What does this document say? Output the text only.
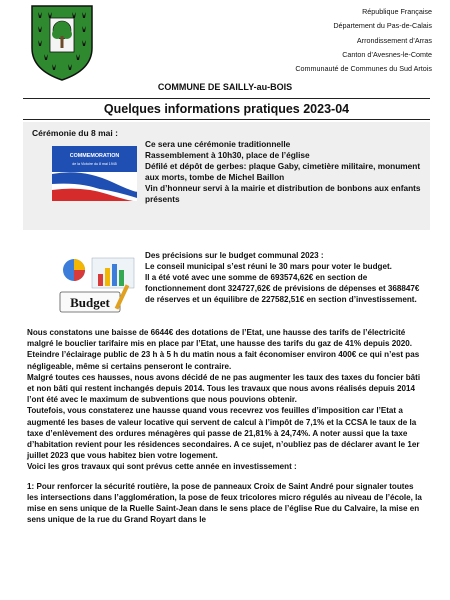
République Française
Département du Pas-de-Calais
Arrondissement d’Arras
Canton d’Avesnes-le-Comte
Communauté de Communes du Sud Artois
COMMUNE DE SAILLY-au-BOIS
Quelques informations pratiques 2023-04
Cérémonie du 8 mai :
COMMEMORATION
de la Victoire du 8 mai 1945

Ce sera une cérémonie traditionnelle

Rassemblement à 10h30, place de l’église

Défilé et dépôt de gerbes: plaque Gaby, cimetière militaire, monument aux morts, tombe de Michel Baillon

Vin d’honneur servi à la mairie et distribution de bonbons aux enfants présents

Budget

Des précisions sur le budget communal 2023 :

Le conseil municipal s’est réuni le 30 mars pour voter le budget.

Il a été voté avec une somme de 693574,62€ en section de fonctionnement dont 324727,62€ de prévisions de dépenses et 368847€ de réserves et un équilibre de 227582,51€ en section d’investissement.

Nous constatons une baisse de 6644€ des dotations de l’Etat, une hausse des tarifs de l’électricité malgré le bouclier tarifaire mis en place par l’Etat, une hausse des tarifs du gaz de 41% depuis 2020. Eteindre l’éclairage public de 23 h à 5 h du matin nous a fait économiser environ 400€ ce qui n’est pas négligeable, même si certains penseront le contraire.

Malgré toutes ces hausses, nous avons décidé de ne pas augmenter les taux des taxes du foncier bâti et non bâti qui restent inchangés depuis 2014. Tous les travaux que nous avons réalisés depuis 2014 l’ont été avec le maximum de subventions que nous pouvions obtenir.

Toutefois, vous constaterez une hausse quand vous recevrez vos feuilles d’imposition car l’Etat a augmenté les bases de valeur locative qui servent de calcul à l’impôt de 7,1% et la CCSA le taux de la taxe d’enlèvement des ordures ménagères qui passe de 21,81% à 24,74%. A noter aussi que la taxe d’habitation revient pour les résidences secondaires. A ce sujet, n’oubliez pas de déclarer avant le 1er juillet 2023 que vous habitez bien votre logement.

Voici les gros travaux qui sont prévus cette année en investissement :

1: Pour renforcer la sécurité routière, la pose de panneaux Croix de Saint André pour signaler toutes les intersections dans l’agglomération, la pose de feux tricolores micro régulés au niveau de l’école, la mise en sens unique de la Ruelle Saint-Jean dans le sens place de l’église Rue du Calvaire, la mise en sens unique de la rue du Grand Royart dans le
